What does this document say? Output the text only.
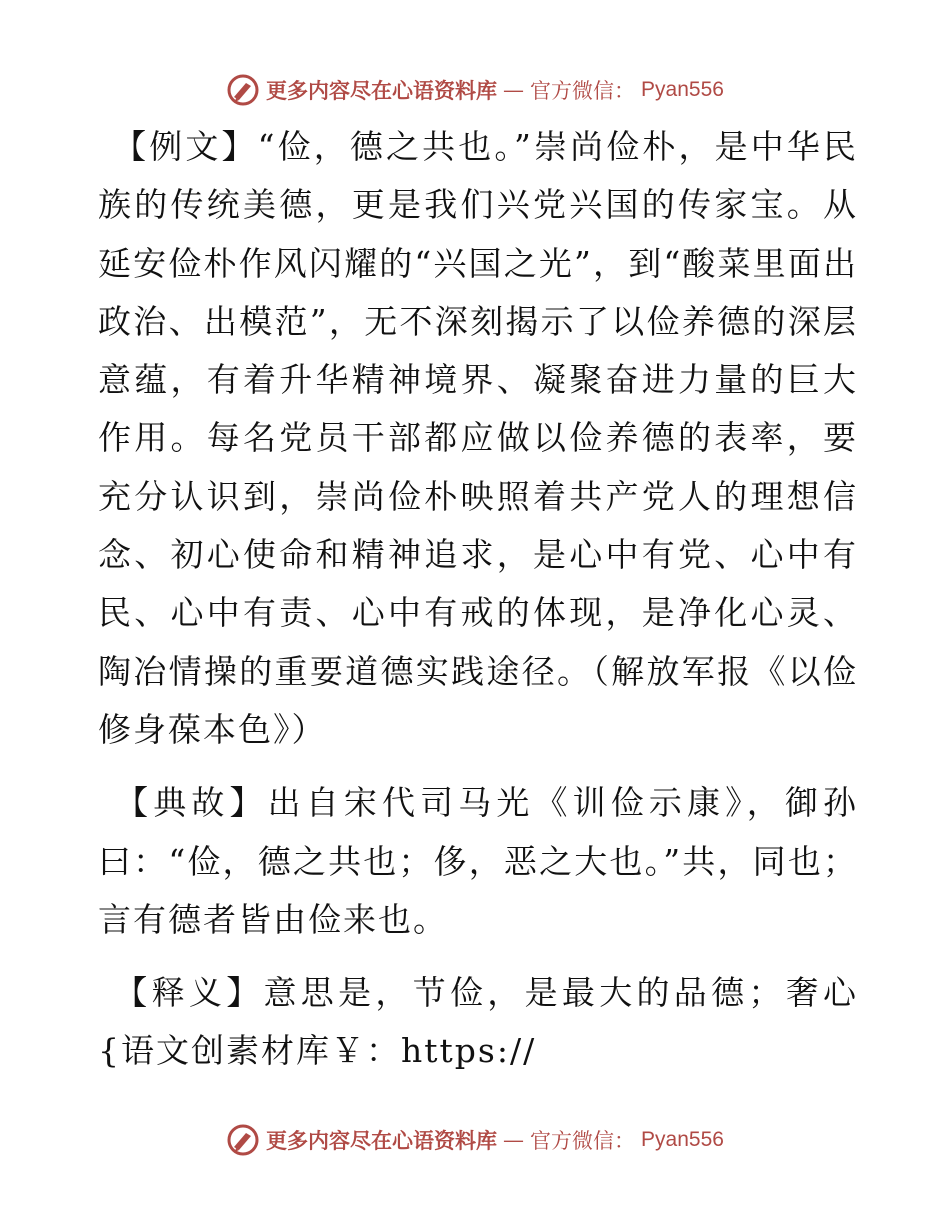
更多内容尽在心语资料库 — 官方微信： Pyan556

【例文】“俭，德之共也。”崇尚俭朴，是中华民族的传统美德，更是我们兴党兴国的传家宝。从延安俭朴作风闪耀的“兴国之光”，到“酸菜里面出政治、出模范”，无不深刻揭示了以俭养德的深层意蕴，有着升华精神境界、凝聚奋进力量的巨大作用。每名党员干部都应做以俭养德的表率，要充分认识到，崇尚俭朴映照着共产党人的理想信念、初心使命和精神追求，是心中有党、心中有民、心中有责、心中有戒的体现，是净化心灵、陶冶情操的重要道德实践途径。（解放军报《以俭修身葆本色》）

【典故】出自宋代司马光《训俭示康》，御孙曰：“俭，德之共也；侈，恶之大也。”共，同也；言有德者皆由俭来也。

【释义】意思是，节俭，是最大的品德；奢心{语文创素材库￥：https://

更多内容尽在心语资料库 — 官方微信： Pyan556
